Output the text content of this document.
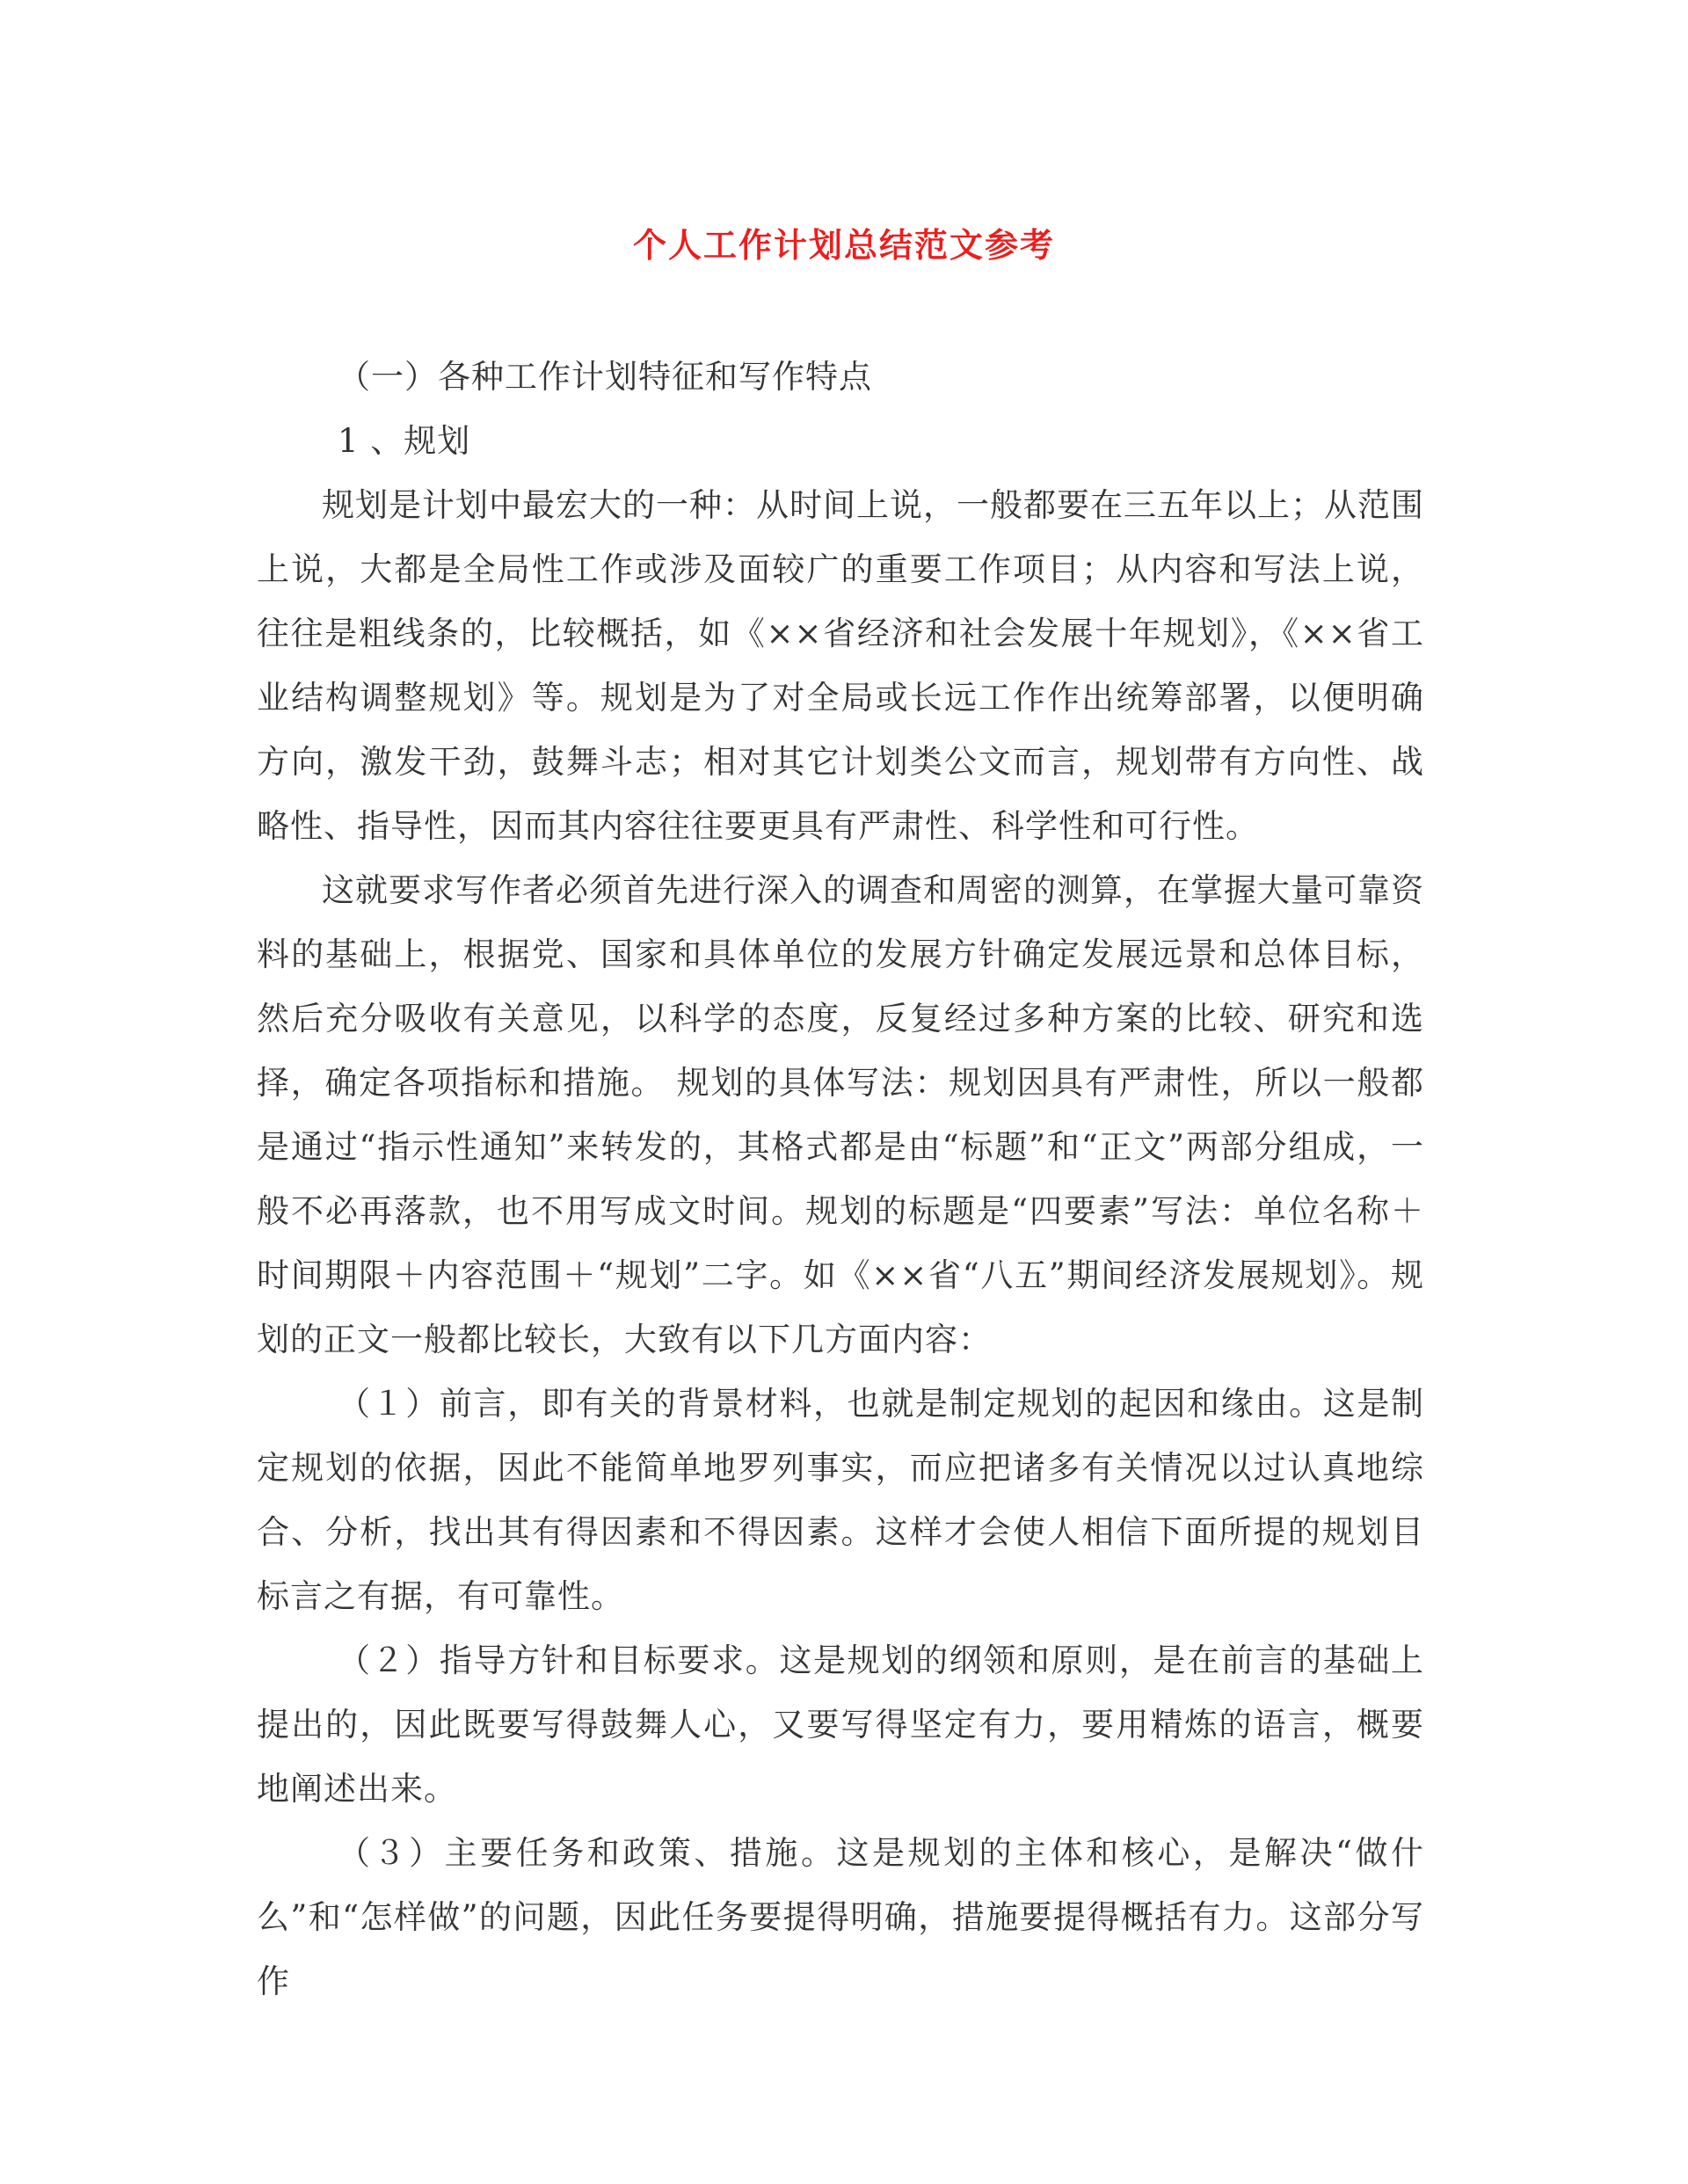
个人工作计划总结范文参考

（一）各种工作计划特征和写作特点

1 、规划

规划是计划中最宏大的一种：从时间上说，一般都要在三五年以上；从范围上说，大都是全局性工作或涉及面较广的重要工作项目；从内容和写法上说，往往是粗线条的，比较概括，如《××省经济和社会发展十年规划》，《××省工业结构调整规划》等。规划是为了对全局或长远工作作出统筹部署，以便明确方向，激发干劲，鼓舞斗志；相对其它计划类公文而言，规划带有方向性、战略性、指导性，因而其内容往往要更具有严肃性、科学性和可行性。

这就要求写作者必须首先进行深入的调查和周密的测算，在掌握大量可靠资料的基础上，根据党、国家和具体单位的发展方针确定发展远景和总体目标，然后充分吸收有关意见，以科学的态度，反复经过多种方案的比较、研究和选择，确定各项指标和措施。 规划的具体写法：规划因具有严肃性，所以一般都是通过“指示性通知”来转发的，其格式都是由“标题”和“正文”两部分组成，一般不必再落款，也不用写成文时间。规划的标题是“四要素”写法：单位名称＋时间期限＋内容范围＋“规划”二字。如《××省“八五”期间经济发展规划》。规划的正文一般都比较长，大致有以下几方面内容：

（１）前言，即有关的背景材料，也就是制定规划的起因和缘由。这是制定规划的依据，因此不能简单地罗列事实，而应把诸多有关情况以过认真地综合、分析，找出其有得因素和不得因素。这样才会使人相信下面所提的规划目标言之有据，有可靠性。

（２）指导方针和目标要求。这是规划的纲领和原则，是在前言的基础上提出的，因此既要写得鼓舞人心，又要写得坚定有力，要用精炼的语言，概要地阐述出来。

（３）主要任务和政策、措施。这是规划的主体和核心，是解决“做什么”和“怎样做”的问题，因此任务要提得明确，措施要提得概括有力。这部分写作
